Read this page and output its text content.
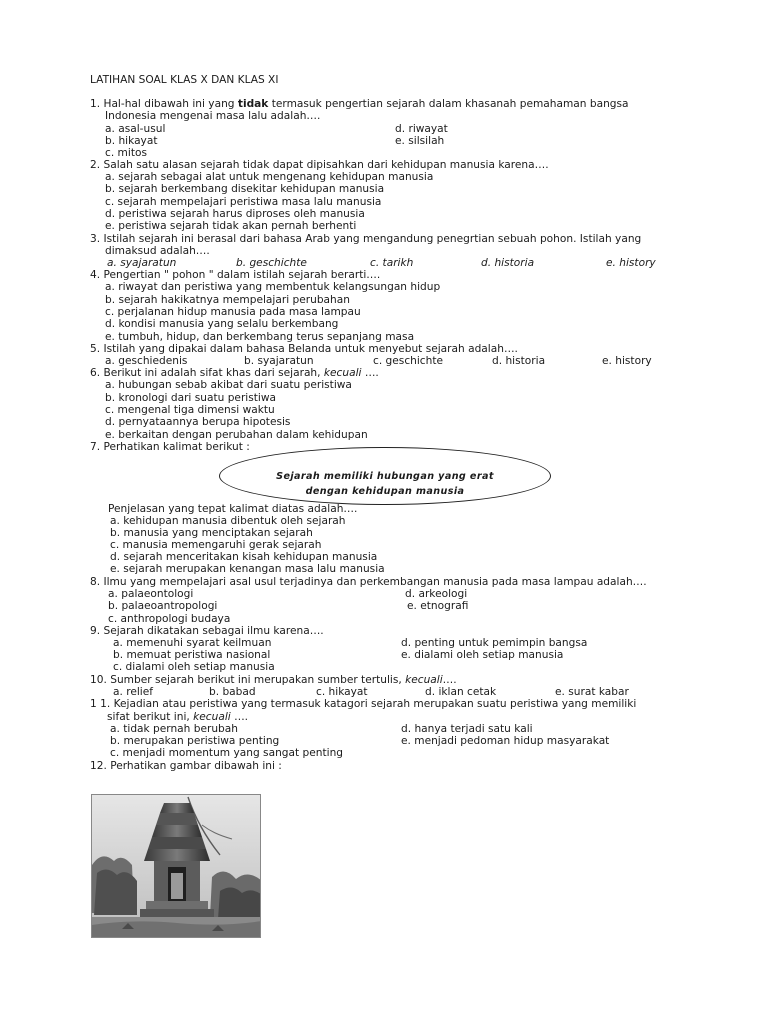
LATIHAN SOAL KLAS X DAN KLAS XI
1. Hal-hal dibawah ini yang tidak termasuk pengertian sejarah dalam khasanah pemahaman bangsa
Indonesia mengenai masa lalu adalah….
a. asal-usul	d. riwayat
b. hikayat	e. silsilah
c. mitos
2. Salah satu alasan sejarah tidak dapat dipisahkan dari kehidupan manusia karena….
a. sejarah sebagai alat untuk mengenang kehidupan manusia
b. sejarah berkembang disekitar kehidupan manusia
c. sejarah mempelajari peristiwa masa lalu manusia
d. peristiwa sejarah harus diproses oleh manusia
e. peristiwa sejarah tidak akan pernah berhenti
3. Istilah sejarah ini berasal dari bahasa Arab yang mengandung penegrtian sebuah pohon. Istilah yang
dimaksud adalah….
a. syajaratun	b. geschichte	c. tarikh	d. historia	e. history
4. Pengertian " pohon " dalam istilah sejarah berarti….
a. riwayat dan peristiwa yang membentuk kelangsungan hidup
b. sejarah hakikatnya mempelajari perubahan
c. perjalanan hidup manusia pada masa lampau
d. kondisi manusia yang selalu berkembang
e. tumbuh, hidup, dan berkembang terus sepanjang masa
5. Istilah yang dipakai dalam bahasa Belanda untuk menyebut sejarah adalah….
a. geschiedenis	b. syajaratun	c. geschichte	d. historia	e. history
6. Berikut ini adalah sifat khas dari sejarah, kecuali ….
a. hubungan sebab akibat dari suatu peristiwa
b. kronologi dari suatu peristiwa
c. mengenal tiga dimensi waktu
d. pernyataannya berupa hipotesis
e. berkaitan dengan perubahan dalam kehidupan
7. Perhatikan kalimat berikut :
Penjelasan yang tepat kalimat diatas adalah….
Sejarah memiliki hubungan yang erat
dengan kehidupan manusia
a. kehidupan manusia dibentuk oleh sejarah
b. manusia yang menciptakan sejarah
c. manusia memengaruhi gerak sejarah
d. sejarah menceritakan kisah kehidupan manusia
e. sejarah merupakan kenangan masa lalu manusia
8. Ilmu yang mempelajari asal usul terjadinya dan perkembangan manusia pada masa lampau adalah….
a. palaeontologi	d. arkeologi
b. palaeoantropologi	e. etnografi
c. anthropologi budaya
9. Sejarah dikatakan sebagai ilmu karena….
a. memenuhi syarat keilmuan	d. penting untuk pemimpin bangsa
b. memuat peristiwa nasional	e. dialami oleh setiap manusia
c. dialami oleh setiap manusia
10. Sumber sejarah berikut ini merupakan sumber tertulis, kecuali….
a. relief	b. babad	c. hikayat	d. iklan cetak	e. surat kabar
1 1. Kejadian atau peristiwa yang termasuk katagori sejarah merupakan suatu peristiwa yang memiliki
sifat berikut ini, kecuali ….
a. tidak pernah berubah	d. hanya terjadi satu kali
b. merupakan peristiwa penting	e. menjadi pedoman hidup masyarakat
c. menjadi momentum yang sangat penting
12. Perhatikan gambar dibawah ini :
